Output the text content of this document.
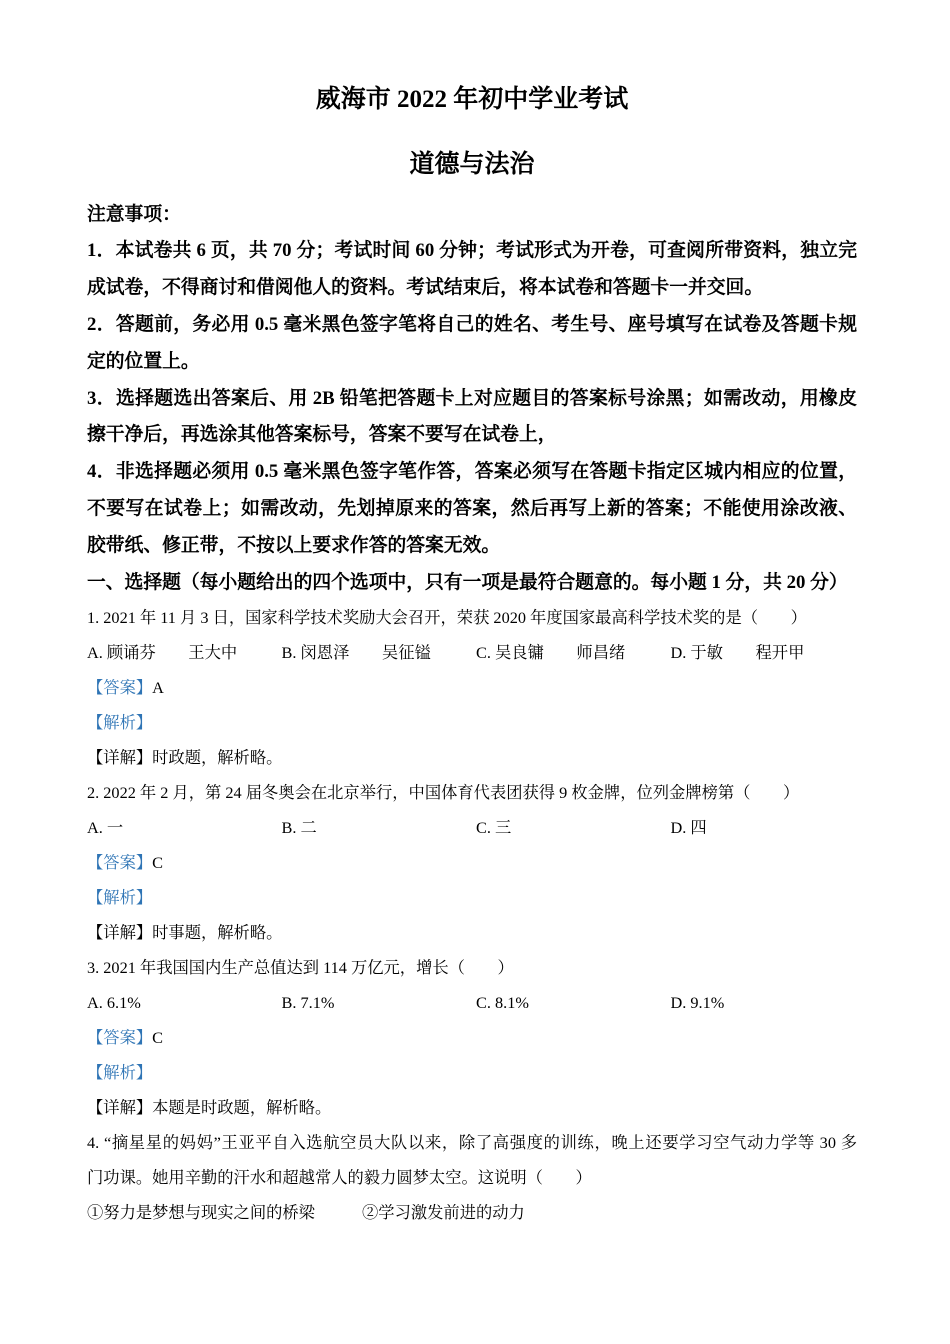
威海市 2022 年初中学业考试
道德与法治
注意事项：
1．本试卷共 6 页，共 70 分；考试时间 60 分钟；考试形式为开卷，可查阅所带资料，独立完
成试卷，不得商讨和借阅他人的资料。考试结束后，将本试卷和答题卡一并交回。
2．答题前，务必用 0.5 毫米黑色签字笔将自己的姓名、考生号、座号填写在试卷及答题卡规
定的位置上。
3．选择题选出答案后、用 2B 铅笔把答题卡上对应题目的答案标号涂黑；如需改动，用橡皮
擦干净后，再选涂其他答案标号，答案不要写在试卷上，
4．非选择题必须用 0.5 毫米黑色签字笔作答，答案必须写在答题卡指定区城内相应的位置，
不要写在试卷上；如需改动，先划掉原来的答案，然后再写上新的答案；不能使用涂改液、
胶带纸、修正带，不按以上要求作答的答案无效。
一、选择题（每小题给出的四个选项中，只有一项是最符合题意的。每小题 1 分，共 20 分）
1. 2021 年 11 月 3 日，国家科学技术奖励大会召开，荣获 2020 年度国家最高科学技术奖的是（　　）
A. 顾诵芬　　王大中	B. 闵恩泽　　吴征镒	C. 吴良镛　　师昌绪	D. 于敏　　程开甲
【答案】A
【解析】
【详解】时政题，解析略。
2. 2022 年 2 月，第 24 届冬奥会在北京举行，中国体育代表团获得 9 枚金牌，位列金牌榜第（　　）
A. 一	B. 二	C. 三	D. 四
【答案】C
【解析】
【详解】时事题，解析略。
3. 2021 年我国国内生产总值达到 114 万亿元，增长（　　）
A. 6.1%	B. 7.1%	C. 8.1%	D. 9.1%
【答案】C
【解析】
【详解】本题是时政题，解析略。
4. “摘星星的妈妈”王亚平自入选航空员大队以来，除了高强度的训练，晚上还要学习空气动力学等 30 多
门功课。她用辛勤的汗水和超越常人的毅力圆梦太空。这说明（　　）
①努力是梦想与现实之间的桥梁	②学习激发前进的动力
